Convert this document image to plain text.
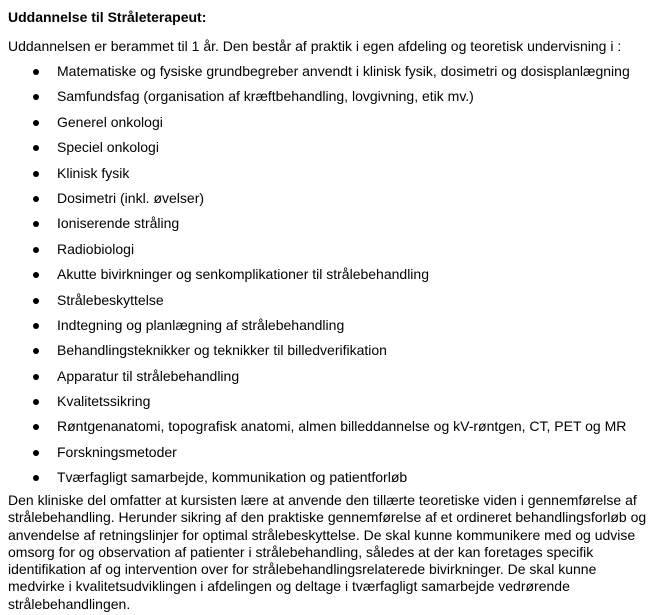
Uddannelse til Stråleterapeut:
Uddannelsen er berammet til 1 år. Den består af praktik i egen afdeling og teoretisk undervisning i :
Matematiske og fysiske grundbegreber anvendt i klinisk fysik, dosimetri og dosisplanlægning
Samfundsfag (organisation af kræftbehandling, lovgivning, etik mv.)
Generel onkologi
Speciel onkologi
Klinisk fysik
Dosimetri (inkl. øvelser)
Ioniserende stråling
Radiobiologi
Akutte bivirkninger og senkomplikationer til strålebehandling
Strålebeskyttelse
Indtegning og planlægning af strålebehandling
Behandlingsteknikker og teknikker til billedverifikation
Apparatur til strålebehandling
Kvalitetssikring
Røntgenanatomi, topografisk anatomi, almen billeddannelse og kV-røntgen, CT, PET og MR
Forskningsmetoder
Tværfagligt samarbejde, kommunikation og patientforløb
Den kliniske del omfatter at kursisten lære at anvende den tillærte teoretiske viden i gennemførelse af strålebehandling. Herunder sikring af den praktiske gennemførelse af et ordineret behandlingsforløb og anvendelse af retningslinjer for optimal strålebeskyttelse. De skal kunne kommunikere med og udvise omsorg for og observation af patienter i strålebehandling, således at der kan foretages specifik identifikation af og intervention over for strålebehandlingsrelaterede bivirkninger. De skal kunne medvirke i kvalitetsudviklingen i afdelingen og deltage i tværfagligt samarbejde vedrørende strålebehandlingen.
